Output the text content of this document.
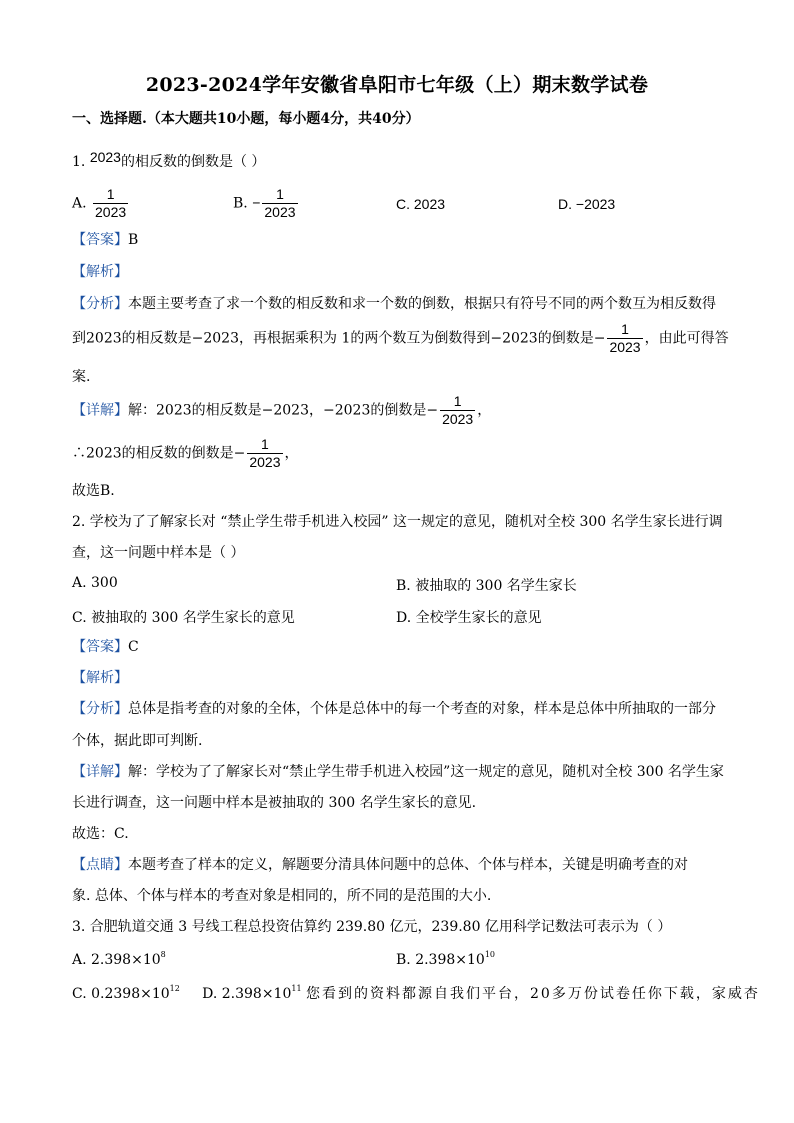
2023-2024学年安徽省阜阳市七年级（上）期末数学试卷
一、选择题.（本大题共10小题，每小题4分，共40分）
1. 2023的相反数的倒数是（ ）
A. $\frac{1}{2023}$	B. − $\frac{1}{2023}$	C. 2023	D. −2023
【答案】B
【解析】
【分析】本题主要考查了求一个数的相反数和求一个数的倒数，根据只有符号不同的两个数互为相反数得
到2023的相反数是−2023，再根据乘积为 1的两个数互为倒数得到−2023的倒数是− $\frac{1}{2023}$ ，由此可得答
案.
【详解】解：2023的相反数是−2023，−2023的倒数是− $\frac{1}{2023}$ ，
∴2023的相反数的倒数是− $\frac{1}{2023}$ ，
故选B.
2. 学校为了了解家长对 “禁止学生带手机进入校园” 这一规定的意见，随机对全校 300 名学生家长进行调
查，这一问题中样本是（ ）
A. 300	B. 被抽取的 300 名学生家长
C. 被抽取的 300 名学生家长的意见	D. 全校学生家长的意见
【答案】C
【解析】
【分析】总体是指考查的对象的全体，个体是总体中的每一个考查的对象，样本是总体中所抽取的一部分
个体，据此即可判断.
【详解】解：学校为了了解家长对“禁止学生带手机进入校园”这一规定的意见，随机对全校 300 名学生家
长进行调查，这一问题中样本是被抽取的 300 名学生家长的意见.
故选：C.
【点睛】本题考查了样本的定义，解题要分清具体问题中的总体、个体与样本，关键是明确考查的对
象. 总体、个体与样本的考查对象是相同的，所不同的是范围的大小.
3. 合肥轨道交通 3 号线工程总投资估算约 239.80 亿元，239.80 亿用科学记数法可表示为（ ）
A. $2.398\times 10^8$	B. $2.398\times 10^{10}$
C. $0.2398\times 10^{12}$ D. $2.398\times 10^{11}$ 您看到的资料都源自我们平台，20多万份试卷任你下载，家威杏
